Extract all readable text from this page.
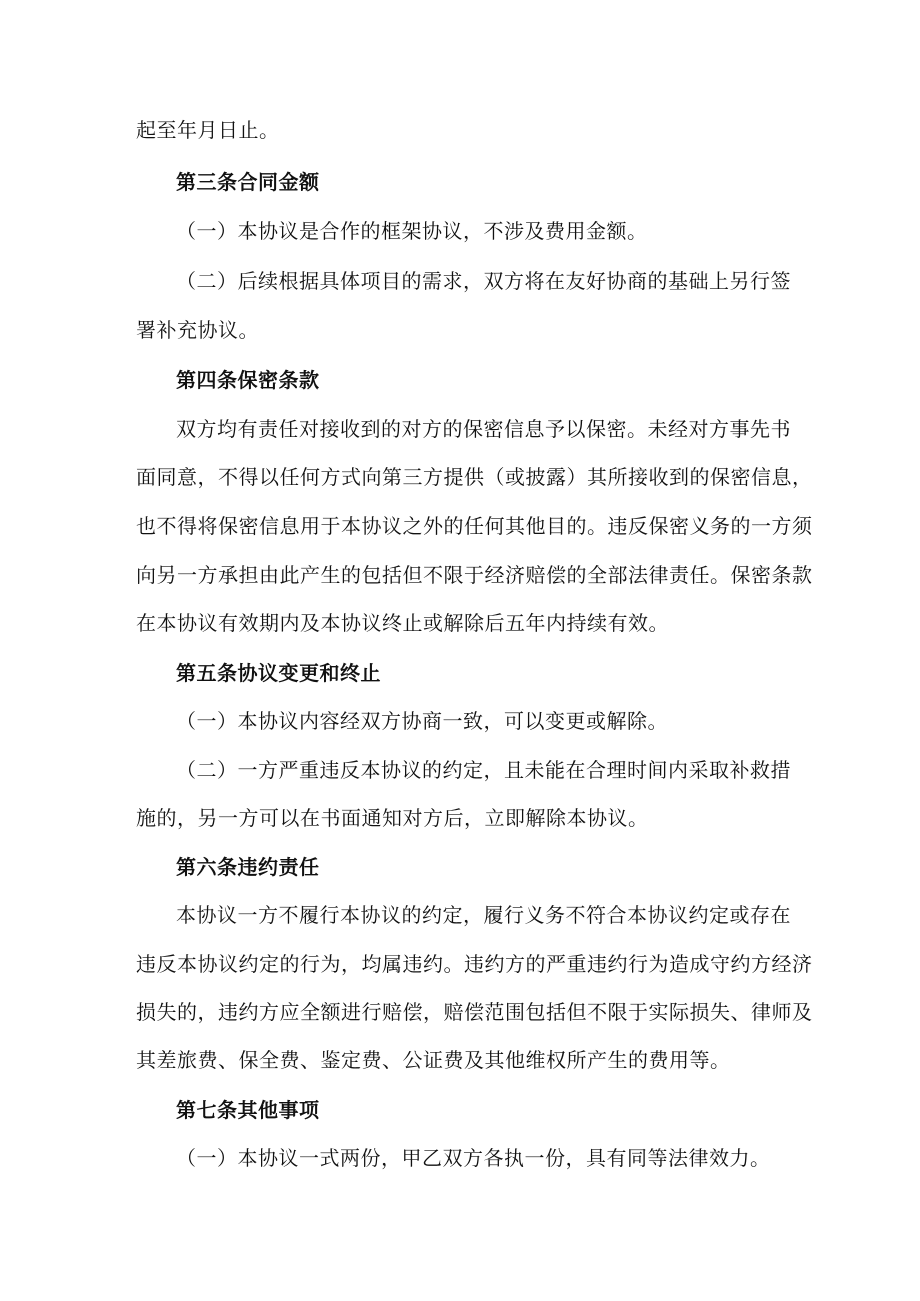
起至年月日止。
第三条合同金额
（一）本协议是合作的框架协议，不涉及费用金额。
（二）后续根据具体项目的需求，双方将在友好协商的基础上另行签
署补充协议。
第四条保密条款
双方均有责任对接收到的对方的保密信息予以保密。未经对方事先书
面同意，不得以任何方式向第三方提供（或披露）其所接收到的保密信息，
也不得将保密信息用于本协议之外的任何其他目的。违反保密义务的一方须
向另一方承担由此产生的包括但不限于经济赔偿的全部法律责任。保密条款
在本协议有效期内及本协议终止或解除后五年内持续有效。
第五条协议变更和终止
（一）本协议内容经双方协商一致，可以变更或解除。
（二）一方严重违反本协议的约定，且未能在合理时间内采取补救措
施的，另一方可以在书面通知对方后，立即解除本协议。
第六条违约责任
本协议一方不履行本协议的约定，履行义务不符合本协议约定或存在
违反本协议约定的行为，均属违约。违约方的严重违约行为造成守约方经济
损失的，违约方应全额进行赔偿，赔偿范围包括但不限于实际损失、律师及
其差旅费、保全费、鉴定费、公证费及其他维权所产生的费用等。
第七条其他事项
（一）本协议一式两份，甲乙双方各执一份，具有同等法律效力。
